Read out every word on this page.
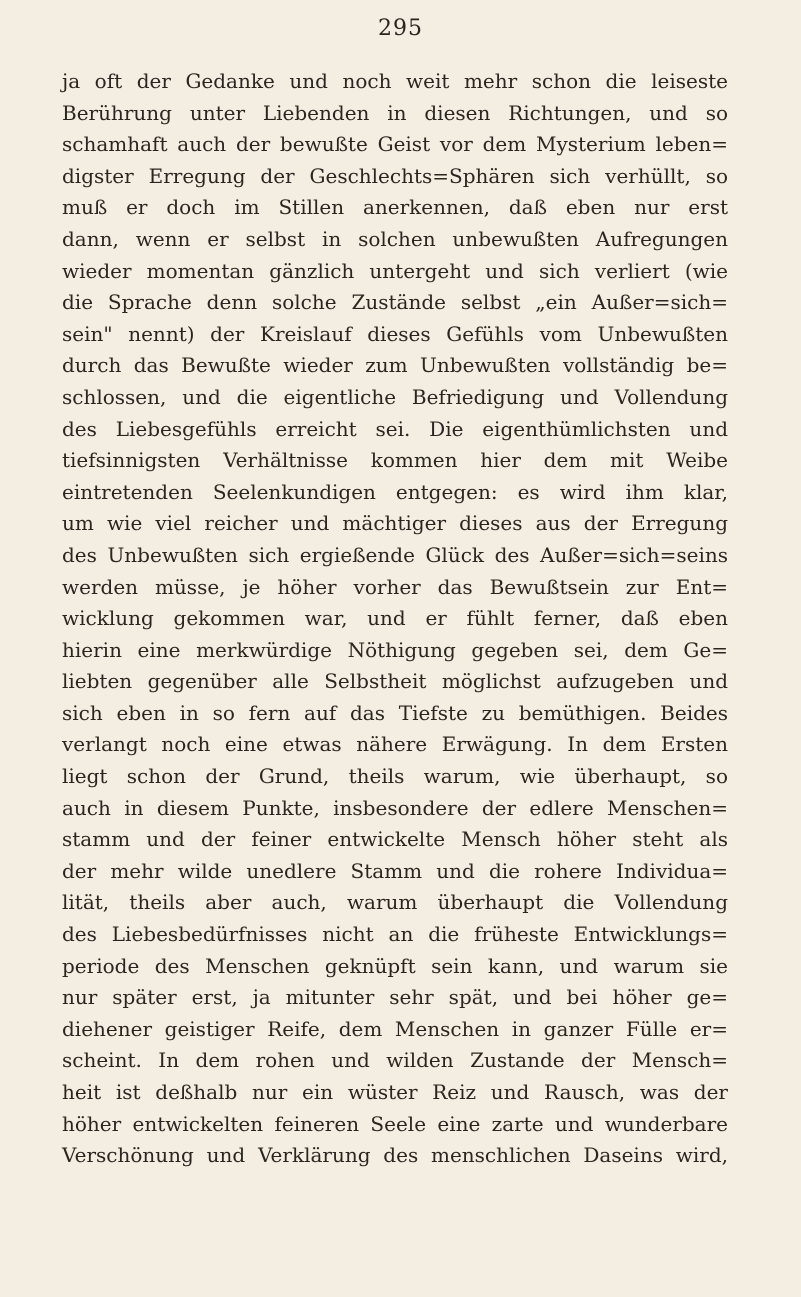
295
ja oft der Gedanke und noch weit mehr schon die leiseste
Berührung unter Liebenden in diesen Richtungen, und so
schamhaft auch der bewußte Geist vor dem Mysterium leben=
digster Erregung der Geschlechts=Sphären sich verhüllt, so
muß er doch im Stillen anerkennen, daß eben nur erst
dann, wenn er selbst in solchen unbewußten Aufregungen
wieder momentan gänzlich untergeht und sich verliert (wie
die Sprache denn solche Zustände selbst „ein Außer=sich=
sein" nennt) der Kreislauf dieses Gefühls vom Unbewußten
durch das Bewußte wieder zum Unbewußten vollständig be=
schlossen, und die eigentliche Befriedigung und Vollendung
des Liebesgefühls erreicht sei. Die eigenthümlichsten und
tiefsinnigsten Verhältnisse kommen hier dem mit Weibe
eintretenden Seelenkundigen entgegen: es wird ihm klar,
um wie viel reicher und mächtiger dieses aus der Erregung
des Unbewußten sich ergießende Glück des Außer=sich=seins
werden müsse, je höher vorher das Bewußtsein zur Ent=
wicklung gekommen war, und er fühlt ferner, daß eben
hierin eine merkwürdige Nöthigung gegeben sei, dem Ge=
liebten gegenüber alle Selbstheit möglichst aufzugeben und
sich eben in so fern auf das Tiefste zu bemüthigen. Beides
verlangt noch eine etwas nähere Erwägung. In dem Ersten
liegt schon der Grund, theils warum, wie überhaupt, so
auch in diesem Punkte, insbesondere der edlere Menschen=
stamm und der feiner entwickelte Mensch höher steht als
der mehr wilde unedlere Stamm und die rohere Individua=
lität, theils aber auch, warum überhaupt die Vollendung
des Liebesbedürfnisses nicht an die früheste Entwicklungs=
periode des Menschen geknüpft sein kann, und warum sie
nur später erst, ja mitunter sehr spät, und bei höher ge=
diehener geistiger Reife, dem Menschen in ganzer Fülle er=
scheint. In dem rohen und wilden Zustande der Mensch=
heit ist deßhalb nur ein wüster Reiz und Rausch, was der
höher entwickelten feineren Seele eine zarte und wunderbare
Verschönung und Verklärung des menschlichen Daseins wird,
